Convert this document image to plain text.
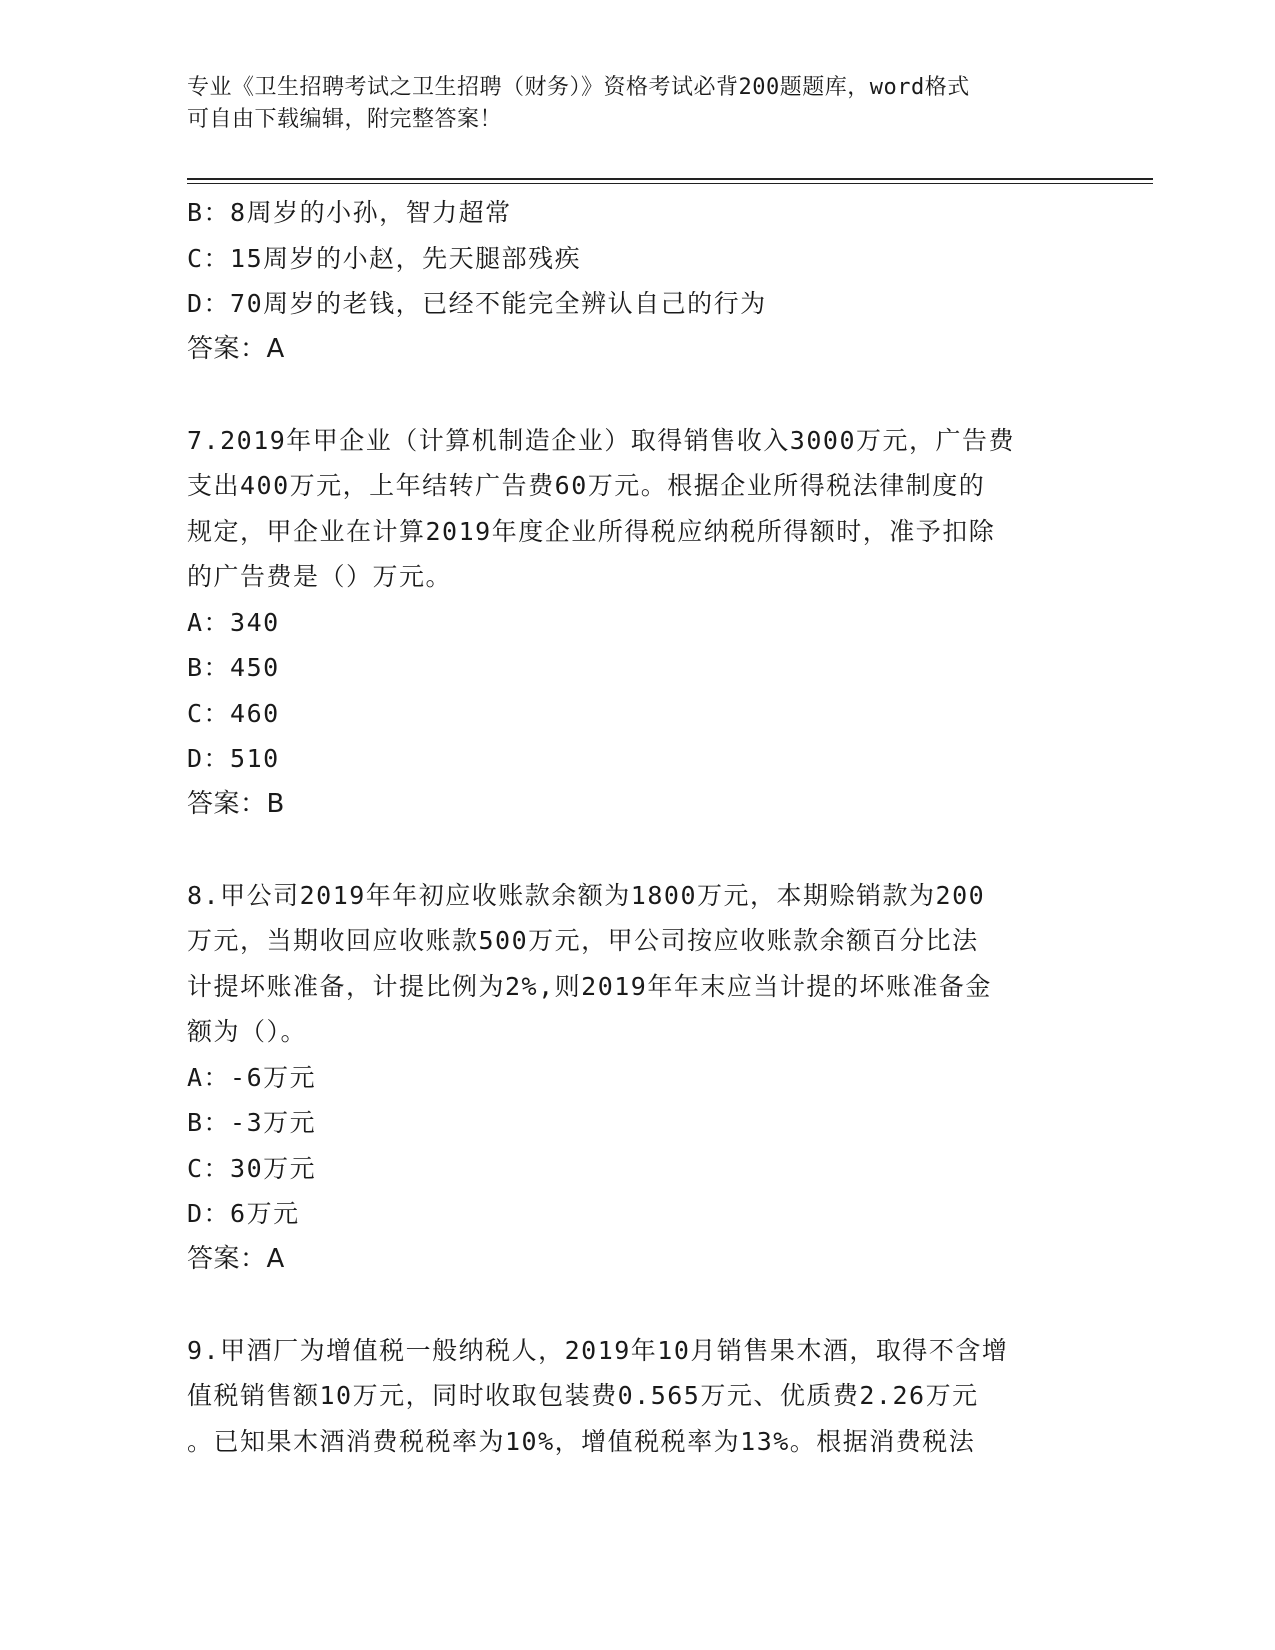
专业《卫生招聘考试之卫生招聘（财务）》资格考试必背200题题库，word格式
可自由下载编辑，附完整答案！
B：8周岁的小孙，智力超常
C：15周岁的小赵，先天腿部残疾
D：70周岁的老钱，已经不能完全辨认自己的行为
答案：A
7.2019年甲企业（计算机制造企业）取得销售收入3000万元，广告费
支出400万元，上年结转广告费60万元。根据企业所得税法律制度的
规定，甲企业在计算2019年度企业所得税应纳税所得额时，准予扣除
的广告费是（）万元。
A：340
B：450
C：460
D：510
答案：B
8.甲公司2019年年初应收账款余额为1800万元，本期赊销款为200
万元，当期收回应收账款500万元，甲公司按应收账款余额百分比法
计提坏账准备，计提比例为2%,则2019年年末应当计提的坏账准备金
额为（）。
A：-6万元
B：-3万元
C：30万元
D：6万元
答案：A
9.甲酒厂为增值税一般纳税人，2019年10月销售果木酒，取得不含增
值税销售额10万元，同时收取包装费0.565万元、优质费2.26万元
。已知果木酒消费税税率为10%，增值税税率为13%。根据消费税法
